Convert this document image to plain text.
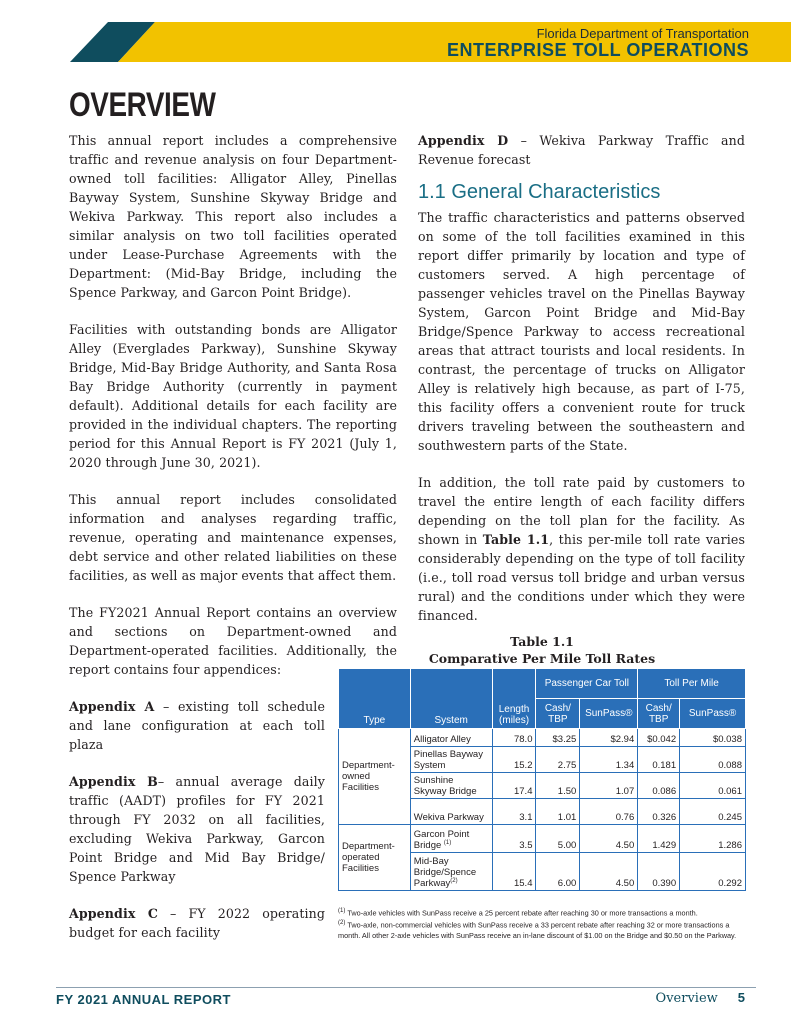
Florida Department of Transportation
ENTERPRISE TOLL OPERATIONS
OVERVIEW

This annual report includes a comprehensive traffic and revenue analysis on four Department-owned toll facilities: Alligator Alley, Pinellas Bayway System, Sunshine Skyway Bridge and Wekiva Parkway. This report also includes a similar analysis on two toll facilities operated under Lease-Purchase Agreements with the Department: (Mid-Bay Bridge, including the Spence Parkway, and Garcon Point Bridge).

Facilities with outstanding bonds are Alligator Alley (Everglades Parkway), Sunshine Skyway Bridge, Mid-Bay Bridge Authority, and Santa Rosa Bay Bridge Authority (currently in payment default). Additional details for each facility are provided in the individual chapters. The reporting period for this Annual Report is FY 2021 (July 1, 2020 through June 30, 2021).

This annual report includes consolidated information and analyses regarding traffic, revenue, operating and maintenance expenses, debt service and other related liabilities on these facilities, as well as major events that affect them.

The FY2021 Annual Report contains an overview and sections on Department-owned and Department-operated facilities. Additionally, the report contains four appendices:

Appendix A – existing toll schedule and lane configuration at each toll plaza

Appendix B– annual average daily traffic (AADT) profiles for FY 2021 through FY 2032 on all facilities, excluding Wekiva Parkway, Garcon Point Bridge and Mid Bay Bridge/ Spence Parkway

Appendix C – FY 2022 operating budget for each facility

Appendix D – Wekiva Parkway Traffic and Revenue forecast

1.1 General Characteristics

The traffic characteristics and patterns observed on some of the toll facilities examined in this report differ primarily by location and type of customers served. A high percentage of passenger vehicles travel on the Pinellas Bayway System, Garcon Point Bridge and Mid-Bay Bridge/Spence Parkway to access recreational areas that attract tourists and local residents. In contrast, the percentage of trucks on Alligator Alley is relatively high because, as part of I-75, this facility offers a convenient route for truck drivers traveling between the southeastern and southwestern parts of the State.

In addition, the toll rate paid by customers to travel the entire length of each facility differs depending on the toll plan for the facility. As shown in Table 1.1, this per-mile toll rate varies considerably depending on the type of toll facility (i.e., toll road versus toll bridge and urban versus rural) and the conditions under which they were financed.

Table 1.1
Comparative Per Mile Toll Rates
Type	System	Length (miles)	Passenger Car Toll		Toll Per Mile	
			Cash/ TBP	SunPass®	Cash/ TBP	SunPass®
Department-owned Facilities	Alligator Alley	78.0	$3.25	$2.94	$0.042	$0.038
	Pinellas Bayway System	15.2	2.75	1.34	0.181	0.088
	Sunshine Skyway Bridge	17.4	1.50	1.07	0.086	0.061
	Wekiva Parkway	3.1	1.01	0.76	0.326	0.245
Department-operated Facilities	Garcon Point Bridge $^{(1)}$	3.5	5.00	4.50	1.429	1.286
	Mid-Bay Bridge/Spence Parkway$^{(2)}$	15.4	6.00	4.50	0.390	0.292

$^{(1)}$ Two-axle vehicles with SunPass receive a 25 percent rebate after reaching 30 or more transactions a month.

$^{(2)}$ Two-axle, non-commercial vehicles with SunPass receive a 33 percent rebate after reaching 32 or more transactions a month. All other 2-axle vehicles with SunPass receive an in-lane discount of $1.00 on the Bridge and $0.50 on the Parkway.

FY 2021 ANNUAL REPORT	Overview 5
